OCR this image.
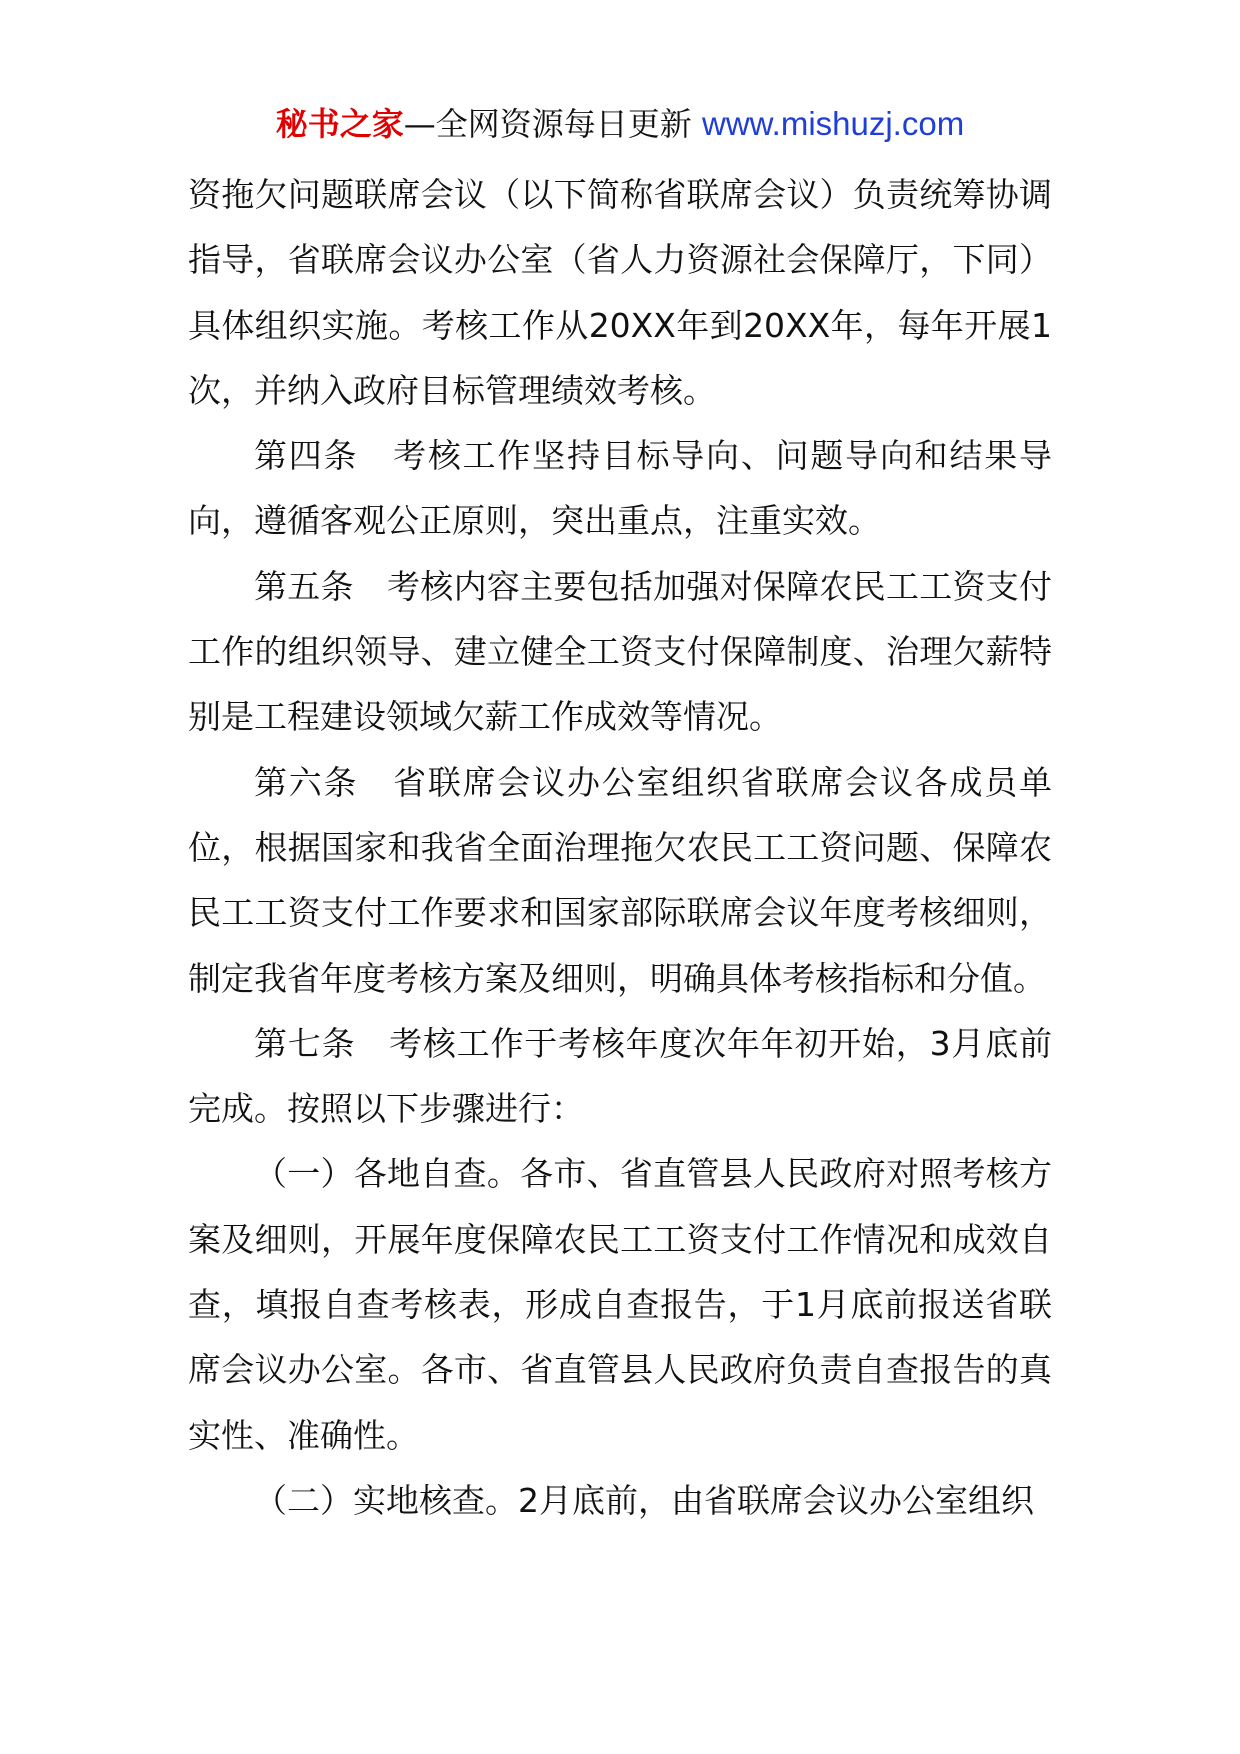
秘书之家—全网资源每日更新 www.mishuzj.com

资拖欠问题联席会议（以下简称省联席会议）负责统筹协调指导，省联席会议办公室（省人力资源社会保障厅，下同）具体组织实施。考核工作从20XX年到20XX年，每年开展1次，并纳入政府目标管理绩效考核。

第四条　考核工作坚持目标导向、问题导向和结果导向，遵循客观公正原则，突出重点，注重实效。

第五条　考核内容主要包括加强对保障农民工工资支付工作的组织领导、建立健全工资支付保障制度、治理欠薪特别是工程建设领域欠薪工作成效等情况。

第六条　省联席会议办公室组织省联席会议各成员单位，根据国家和我省全面治理拖欠农民工工资问题、保障农民工工资支付工作要求和国家部际联席会议年度考核细则，制定我省年度考核方案及细则，明确具体考核指标和分值。

第七条　考核工作于考核年度次年年初开始，3月底前完成。按照以下步骤进行：

（一）各地自查。各市、省直管县人民政府对照考核方案及细则，开展年度保障农民工工资支付工作情况和成效自查，填报自查考核表，形成自查报告，于1月底前报送省联席会议办公室。各市、省直管县人民政府负责自查报告的真实性、准确性。

（二）实地核查。2月底前，由省联席会议办公室组织
